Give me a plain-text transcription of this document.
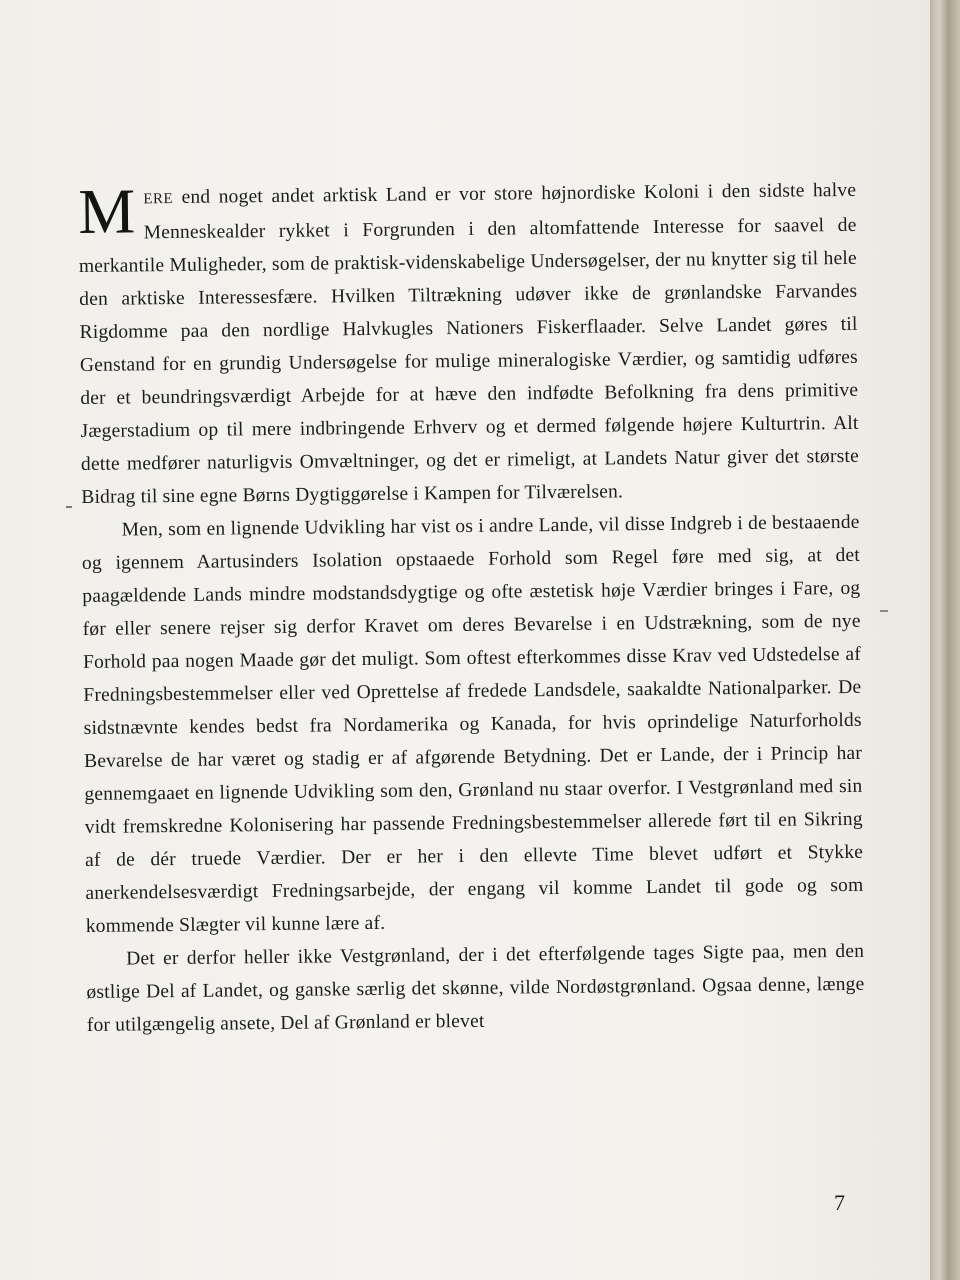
MERE end noget andet arktisk Land er vor store højnordiske Koloni i den sidste halve Menneskealder rykket i Forgrunden i den altomfattende Interesse for saavel de merkantile Muligheder, som de praktisk-videnskabelige Undersøgelser, der nu knytter sig til hele den arktiske Interessesfære. Hvilken Tiltrækning udøver ikke de grønlandske Farvandes Rigdomme paa den nordlige Halvkugles Nationers Fiskerflaader. Selve Landet gøres til Genstand for en grundig Undersøgelse for mulige mineralogiske Værdier, og samtidig udføres der et beundringsværdigt Arbejde for at hæve den indfødte Befolkning fra dens primitive Jægerstadium op til mere indbringende Erhverv og et dermed følgende højere Kulturtrin. Alt dette medfører naturligvis Omvæltninger, og det er rimeligt, at Landets Natur giver det største Bidrag til sine egne Børns Dygtiggørelse i Kampen for Tilværelsen.
Men, som en lignende Udvikling har vist os i andre Lande, vil disse Indgreb i de bestaaende og igennem Aartusinders Isolation opstaaede Forhold som Regel føre med sig, at det paagældende Lands mindre modstandsdygtige og ofte æstetisk høje Værdier bringes i Fare, og før eller senere rejser sig derfor Kravet om deres Bevarelse i en Udstrækning, som de nye Forhold paa nogen Maade gør det muligt. Som oftest efterkommes disse Krav ved Udstedelse af Fredningsbestemmelser eller ved Oprettelse af fredede Landsdele, saakaldte Nationalparker. De sidstnævnte kendes bedst fra Nordamerika og Kanada, for hvis oprindelige Naturforholds Bevarelse de har været og stadig er af afgørende Betydning. Det er Lande, der i Princip har gennemgaaet en lignende Udvikling som den, Grønland nu staar overfor. I Vestgrønland med sin vidt fremskredne Kolonisering har passende Fredningsbestemmelser allerede ført til en Sikring af de dér truede Værdier. Der er her i den ellevte Time blevet udført et Stykke anerkendelsesværdigt Fredningsarbejde, der engang vil komme Landet til gode og som kommende Slægter vil kunne lære af.
Det er derfor heller ikke Vestgrønland, der i det efterfølgende tages Sigte paa, men den østlige Del af Landet, og ganske særlig det skønne, vilde Nordøstgrønland. Ogsaa denne, længe for utilgængelig ansete, Del af Grønland er blevet
7
